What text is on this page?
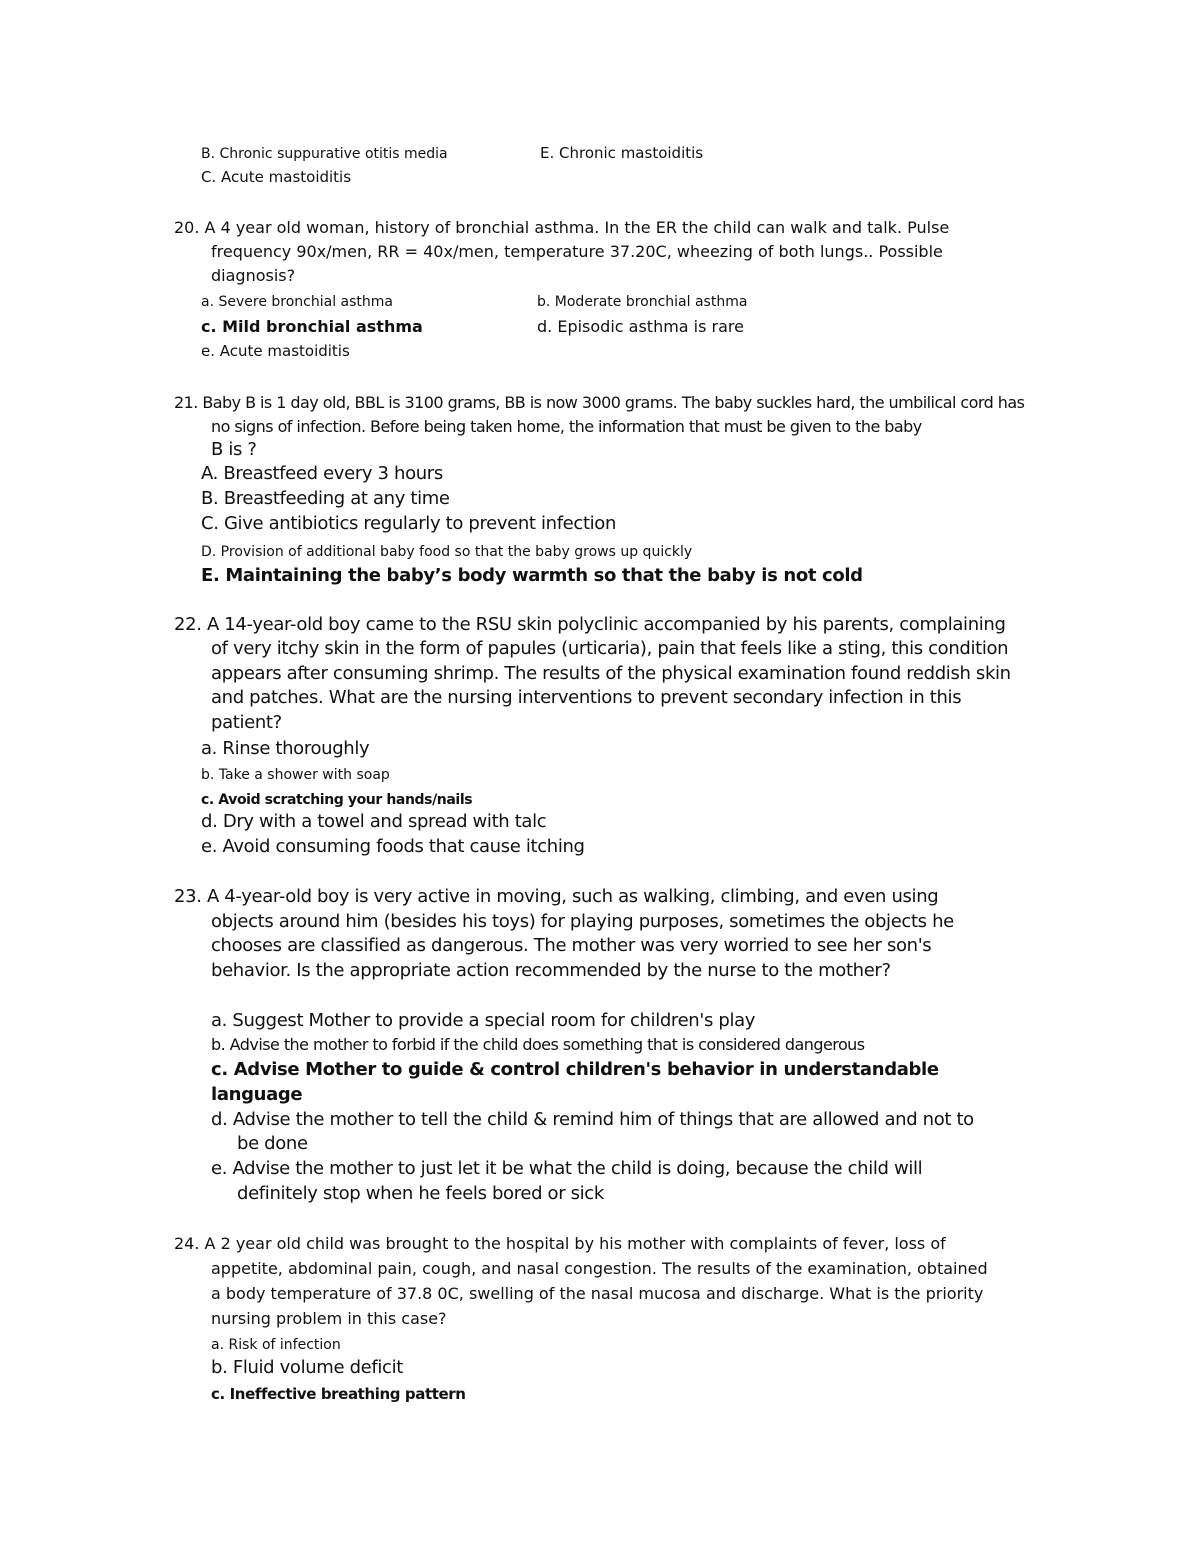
B. Chronic suppurative otitis media	E. Chronic mastoiditis
C. Acute mastoiditis
20. A 4 year old woman, history of bronchial asthma. In the ER the child can walk and talk. Pulse
frequency 90x/men, RR = 40x/men, temperature 37.20C, wheezing of both lungs.. Possible
diagnosis?
a. Severe bronchial asthma	b. Moderate bronchial asthma
c. Mild bronchial asthma	d. Episodic asthma is rare
e. Acute mastoiditis
21. Baby B is 1 day old, BBL is 3100 grams, BB is now 3000 grams. The baby suckles hard, the umbilical cord has
no signs of infection. Before being taken home, the information that must be given to the baby
B is ?
A. Breastfeed every 3 hours
B. Breastfeeding at any time
C. Give antibiotics regularly to prevent infection
D. Provision of additional baby food so that the baby grows up quickly
E. Maintaining the baby’s body warmth so that the baby is not cold
22. A 14-year-old boy came to the RSU skin polyclinic accompanied by his parents, complaining
of very itchy skin in the form of papules (urticaria), pain that feels like a sting, this condition
appears after consuming shrimp. The results of the physical examination found reddish skin
and patches. What are the nursing interventions to prevent secondary infection in this
patient?
a. Rinse thoroughly
b. Take a shower with soap
c. Avoid scratching your hands/nails
d. Dry with a towel and spread with talc
e. Avoid consuming foods that cause itching
23. A 4-year-old boy is very active in moving, such as walking, climbing, and even using
objects around him (besides his toys) for playing purposes, sometimes the objects he
chooses are classified as dangerous. The mother was very worried to see her son's
behavior. Is the appropriate action recommended by the nurse to the mother?
a. Suggest Mother to provide a special room for children's play
b. Advise the mother to forbid if the child does something that is considered dangerous
c. Advise Mother to guide & control children's behavior in understandable
language
d. Advise the mother to tell the child & remind him of things that are allowed and not to
be done
e. Advise the mother to just let it be what the child is doing, because the child will
definitely stop when he feels bored or sick
24. A 2 year old child was brought to the hospital by his mother with complaints of fever, loss of
appetite, abdominal pain, cough, and nasal congestion. The results of the examination, obtained
a body temperature of 37.8 0C, swelling of the nasal mucosa and discharge. What is the priority
nursing problem in this case?
a. Risk of infection
b. Fluid volume deficit
c. Ineffective breathing pattern
